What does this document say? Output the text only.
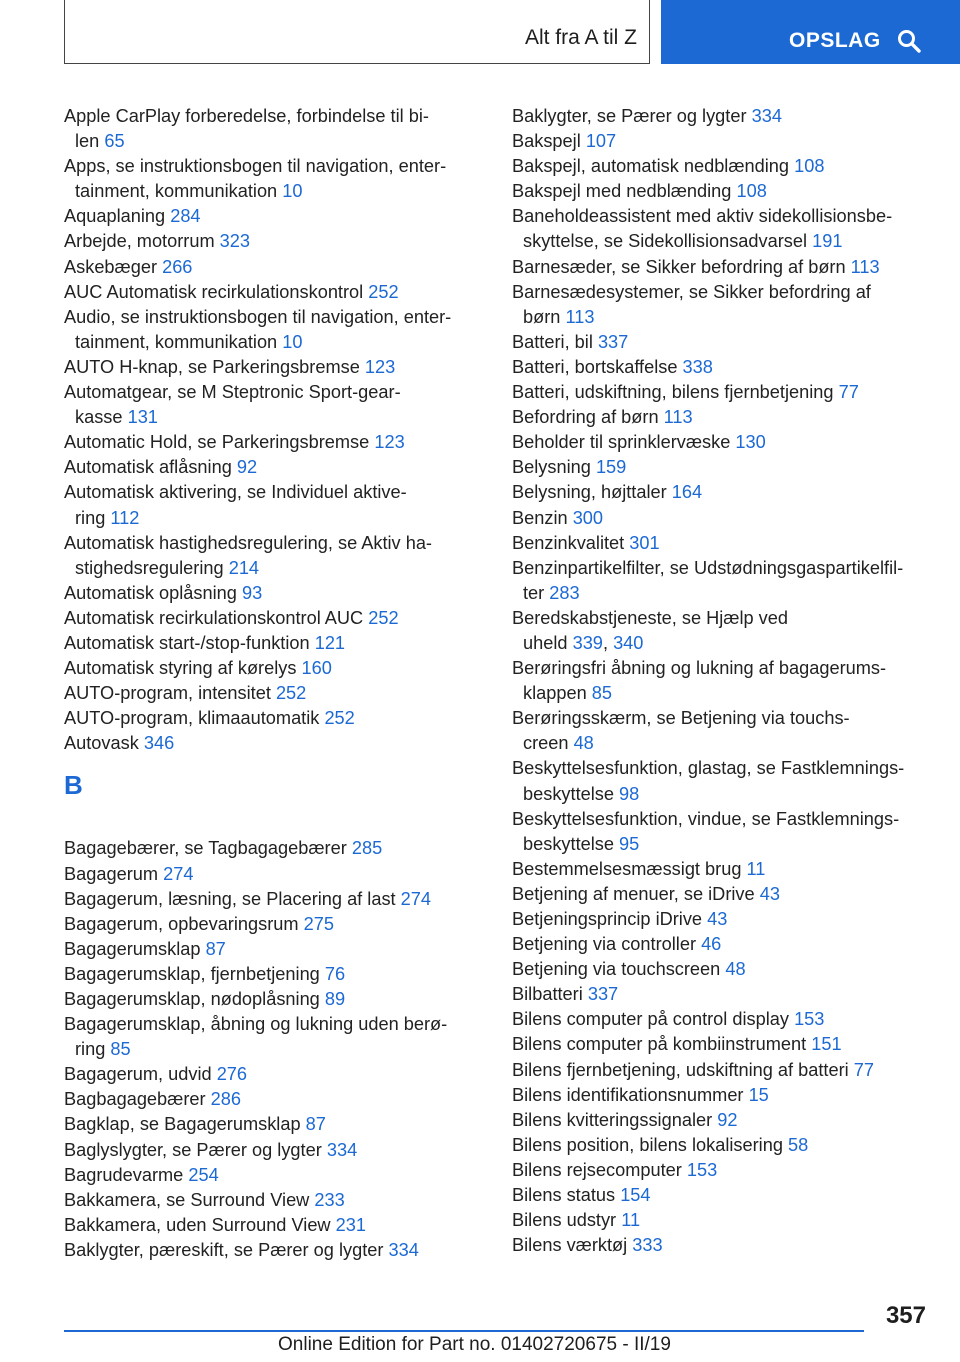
Alt fra A til Z	OPSLAG
Apple CarPlay forberedelse, forbindelse til bi-
len 65
Apps, se instruktionsbogen til navigation, enter-
tainment, kommunikation 10
Aquaplaning 284
Arbejde, motorrum 323
Askebæger 266
AUC Automatisk recirkulationskontrol 252
Audio, se instruktionsbogen til navigation, enter-
tainment, kommunikation 10
AUTO H-knap, se Parkeringsbremse 123
Automatgear, se M Steptronic Sport-gear-
kasse 131
Automatic Hold, se Parkeringsbremse 123
Automatisk aflåsning 92
Automatisk aktivering, se Individuel aktive-
ring 112
Automatisk hastighedsregulering, se Aktiv ha-
stighedsregulering 214
Automatisk oplåsning 93
Automatisk recirkulationskontrol AUC 252
Automatisk start-/stop-funktion 121
Automatisk styring af kørelys 160
AUTO-program, intensitet 252
AUTO-program, klimaautomatik 252
Autovask 346
B
Bagagebærer, se Tagbagagebærer 285
Bagagerum 274
Bagagerum, læsning, se Placering af last 274
Bagagerum, opbevaringsrum 275
Bagagerumsklap 87
Bagagerumsklap, fjernbetjening 76
Bagagerumsklap, nødoplåsning 89
Bagagerumsklap, åbning og lukning uden berø-
ring 85
Bagagerum, udvid 276
Bagbagagebærer 286
Bagklap, se Bagagerumsklap 87
Baglyslygter, se Pærer og lygter 334
Bagrudevarme 254
Bakkamera, se Surround View 233
Bakkamera, uden Surround View 231
Baklygter, pæreskift, se Pærer og lygter 334
Baklygter, se Pærer og lygter 334
Bakspejl 107
Bakspejl, automatisk nedblænding 108
Bakspejl med nedblænding 108
Baneholdeassistent med aktiv sidekollisionsbe-
skyttelse, se Sidekollisionsadvarsel 191
Barnesæder, se Sikker befordring af børn 113
Barnesædesystemer, se Sikker befordring af
børn 113
Batteri, bil 337
Batteri, bortskaffelse 338
Batteri, udskiftning, bilens fjernbetjening 77
Befordring af børn 113
Beholder til sprinklervæske 130
Belysning 159
Belysning, højttaler 164
Benzin 300
Benzinkvalitet 301
Benzinpartikelfilter, se Udstødningsgaspartikelfil-
ter 283
Beredskabstjeneste, se Hjælp ved
uheld 339, 340
Berøringsfri åbning og lukning af bagagerums-
klappen 85
Berøringsskærm, se Betjening via touchs-
creen 48
Beskyttelsesfunktion, glastag, se Fastklemnings-
beskyttelse 98
Beskyttelsesfunktion, vindue, se Fastklemnings-
beskyttelse 95
Bestemmelsesmæssigt brug 11
Betjening af menuer, se iDrive 43
Betjeningsprincip iDrive 43
Betjening via controller 46
Betjening via touchscreen 48
Bilbatteri 337
Bilens computer på control display 153
Bilens computer på kombiinstrument 151
Bilens fjernbetjening, udskiftning af batteri 77
Bilens identifikationsnummer 15
Bilens kvitteringssignaler 92
Bilens position, bilens lokalisering 58
Bilens rejsecomputer 153
Bilens status 154
Bilens udstyr 11
Bilens værktøj 333
357
Online Edition for Part no. 01402720675 - II/19
